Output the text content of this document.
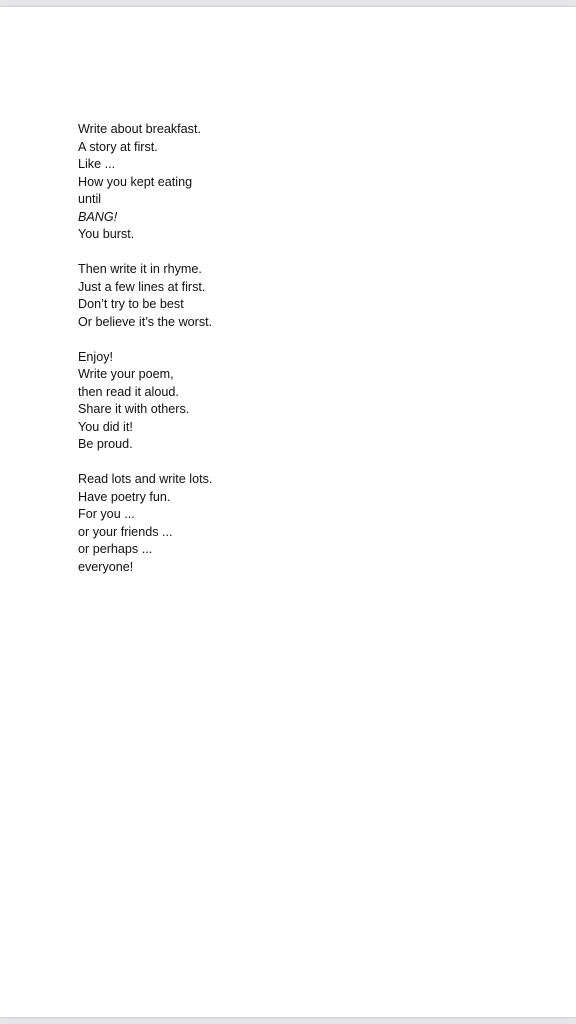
Write about breakfast.
A story at first.
Like ...
How you kept eating
until
BANG!
You burst.
Then write it in rhyme.
Just a few lines at first.
Don’t try to be best
Or believe it’s the worst.
Enjoy!
Write your poem,
then read it aloud.
Share it with others.
You did it!
Be proud.
Read lots and write lots.
Have poetry fun.
For you ...
or your friends ...
or perhaps ...
everyone!
